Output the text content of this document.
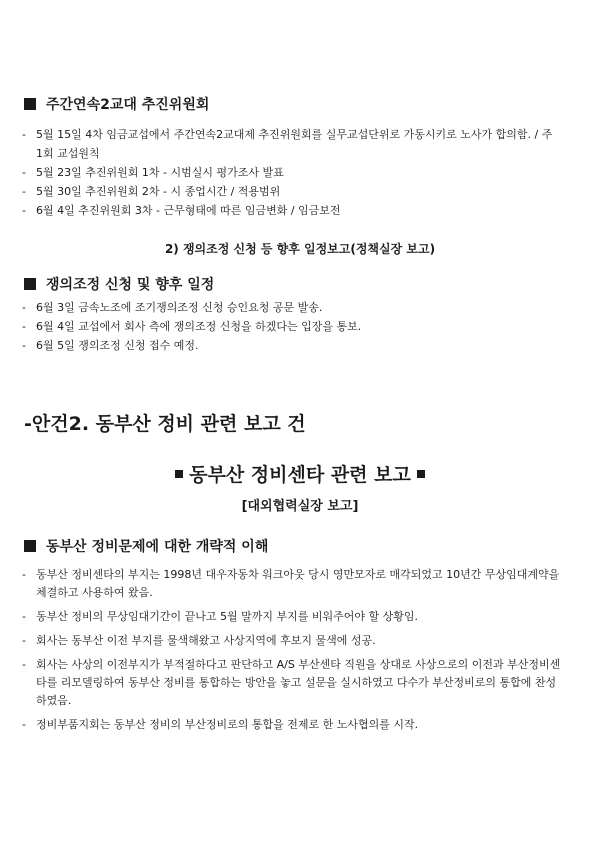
주간연속2교대 추진위원회
- 5월 15일 4차 임금교섭에서 주간연속2교대제 추진위원회를 실무교섭단위로 가동시키로 노사가 합의함. / 주 1회 교섭원칙
- 5월 23일 추진위원회 1차 - 시범실시 평가조사 발표
- 5월 30일 추진위원회 2차 - 시 종업시간 / 적용범위
- 6월 4일 추진위원회 3차 - 근무형태에 따른 임금변화 / 임금보전
2) 쟁의조정 신청 등 향후 일정보고(정책실장 보고)
쟁의조정 신청 및 향후 일정
- 6월 3일 금속노조에 조기쟁의조정 신청 승인요청 공문 발송.
- 6월 4일 교섭에서 회사 측에 쟁의조정 신청을 하겠다는 입장을 통보.
- 6월 5일 쟁의조정 신청 접수 예정.
-안건2. 동부산 정비 관련 보고 건
동부산 정비센타 관련 보고
[대외협력실장 보고]
동부산 정비문제에 대한 개략적 이해
- 동부산 정비센타의 부지는 1998년 대우자동차 워크아웃 당시 영만모자로 매각되었고 10년간 무상임대계약을 체결하고 사용하여 왔음.
- 동부산 정비의 무상임대기간이 끝나고 5월 말까지 부지를 비워주어야 할 상황임.
- 회사는 동부산 이전 부지를 물색해왔고 사상지역에 후보지 물색에 성공.
- 회사는 사상의 이전부지가 부적절하다고 판단하고 A/S 부산센타 직원을 상대로 사상으로의 이전과 부산정비센타를 리모델링하여 동부산 정비를 통합하는 방안을 놓고 설문을 실시하였고 다수가 부산정비로의 통합에 찬성하였음.
- 정비부품지회는 동부산 정비의 부산정비로의 통합을 전제로 한 노사협의를 시작.
